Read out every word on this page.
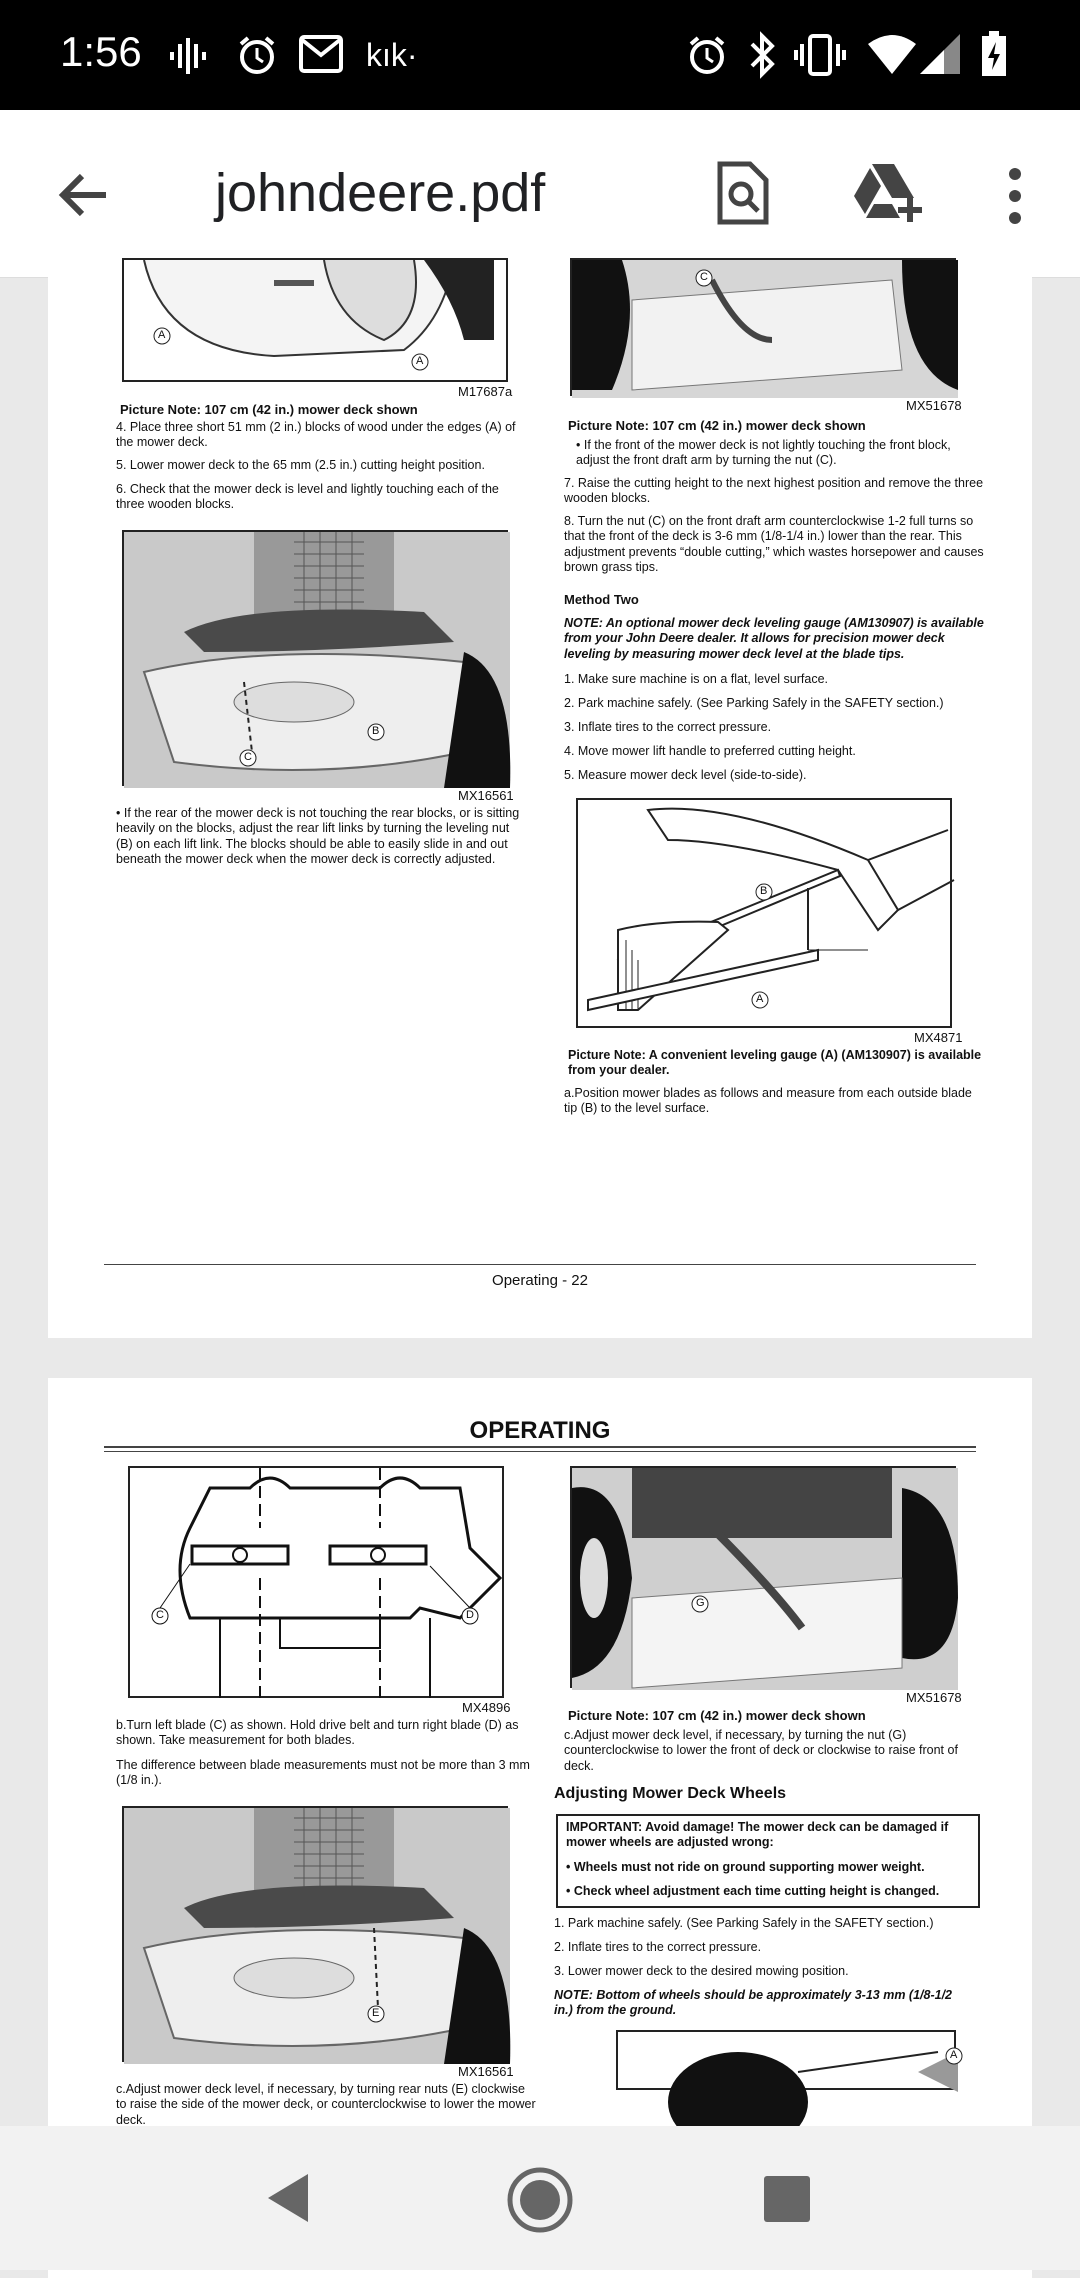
1:56	kık·
johndeere.pdf
A
A
M17687a
Picture Note: 107 cm (42 in.) mower deck shown
4. Place three short 51 mm (2 in.) blocks of wood under the edges (A) of the mower deck.
5. Lower mower deck to the 65 mm (2.5 in.) cutting height position.
6. Check that the mower deck is level and lightly touching each of the three wooden blocks.
C
B
MX16561
• If the rear of the mower deck is not touching the rear blocks, or is sitting heavily on the blocks, adjust the rear lift links by turning the leveling nut (B) on each lift link. The blocks should be able to easily slide in and out beneath the mower deck when the mower deck is correctly adjusted.
C
MX51678
Picture Note: 107 cm (42 in.) mower deck shown
• If the front of the mower deck is not lightly touching the front block, adjust the front draft arm by turning the nut (C).
7. Raise the cutting height to the next highest position and remove the three wooden blocks.
8. Turn the nut (C) on the front draft arm counterclockwise 1-2 full turns so that the front of the deck is 3-6 mm (1/8-1/4 in.) lower than the rear. This adjustment prevents “double cutting,” which wastes horsepower and causes brown grass tips.
Method Two
NOTE: An optional mower deck leveling gauge (AM130907) is available from your John Deere dealer. It allows for precision mower deck leveling by measuring mower deck level at the blade tips.
1. Make sure machine is on a flat, level surface.
2. Park machine safely. (See Parking Safely in the SAFETY section.)
3. Inflate tires to the correct pressure.
4. Move mower lift handle to preferred cutting height.
5. Measure mower deck level (side-to-side).
B
A
MX4871
Picture Note: A convenient leveling gauge (A) (AM130907) is available from your dealer.
a.Position mower blades as follows and measure from each outside blade tip (B) to the level surface.
Operating - 22
OPERATING
C	D
MX4896
b.Turn left blade (C) as shown. Hold drive belt and turn right blade (D) as shown. Take measurement for both blades.
The difference between blade measurements must not be more than 3 mm (1/8 in.).
E
MX16561
c.Adjust mower deck level, if necessary, by turning rear nuts (E) clockwise to raise the side of the mower deck, or counterclockwise to lower the mower deck.
G
MX51678
Picture Note: 107 cm (42 in.) mower deck shown
c.Adjust mower deck level, if necessary, by turning the nut (G) counterclockwise to lower the front of deck or clockwise to raise front of deck.
Adjusting Mower Deck Wheels
IMPORTANT: Avoid damage! The mower deck can be damaged if mower wheels are adjusted wrong:
• Wheels must not ride on ground supporting mower weight.
• Check wheel adjustment each time cutting height is changed.
1. Park machine safely. (See Parking Safely in the SAFETY section.)
2. Inflate tires to the correct pressure.
3. Lower mower deck to the desired mowing position.
NOTE: Bottom of wheels should be approximately 3-13 mm (1/8-1/2 in.) from the ground.
A
